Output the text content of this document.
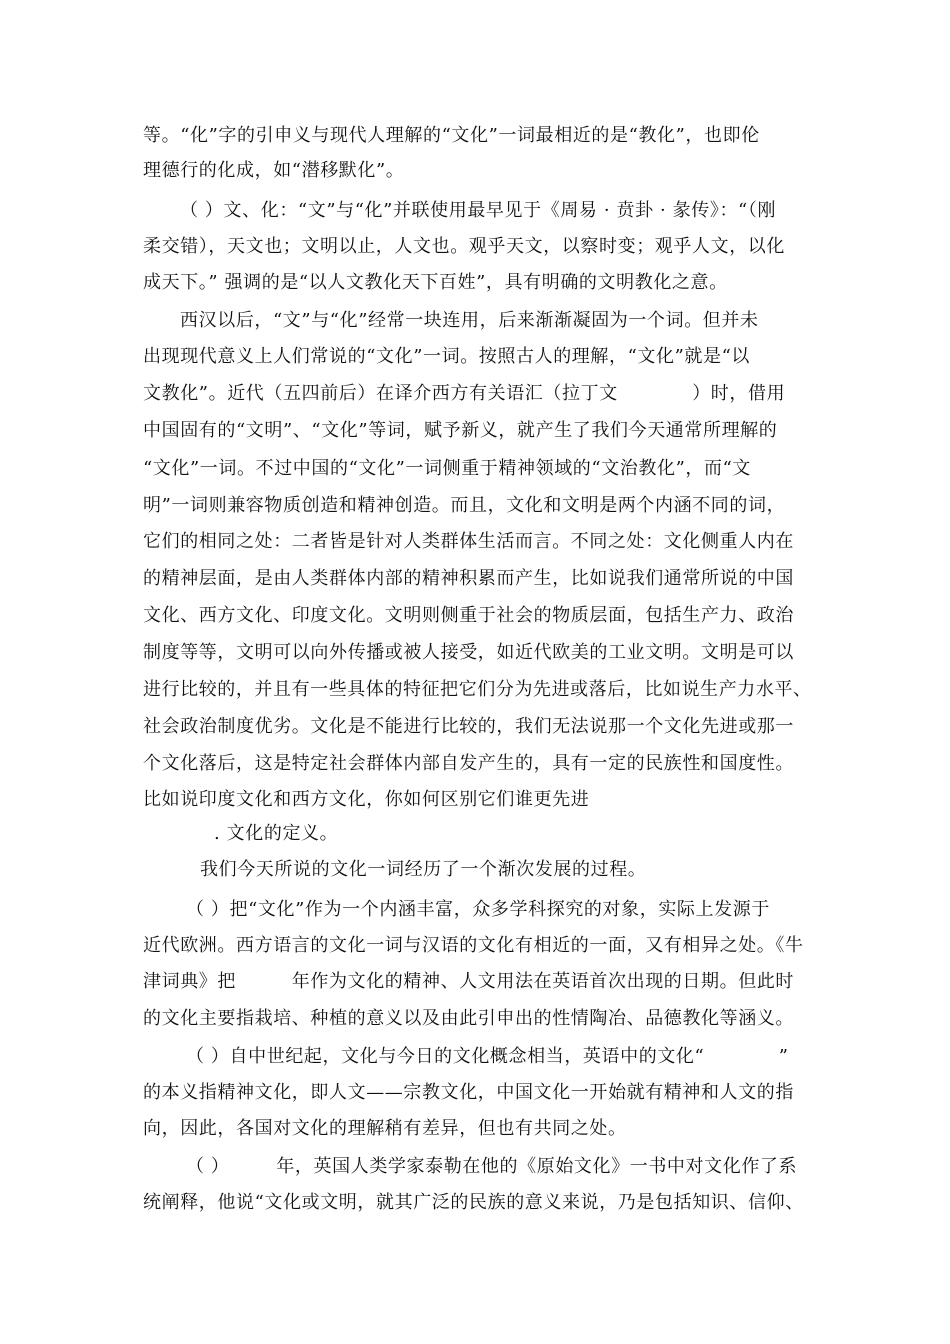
等。“化”字的引申义与现代人理解的“文化”一词最相近的是“教化”，也即伦
理德行的化成，如“潜移默化”。
（ ）文、化：“文”与“化”并联使用最早见于《周易 · 贲卦 · 彖传》：“（刚
柔交错），天文也；文明以止，人文也。观乎天文，以察时变；观乎人文，以化
成天下。” 强调的是“以人文教化天下百姓”，具有明确的文明教化之意。
西汉以后，“文”与“化”经常一块连用，后来渐渐凝固为一个词。但并未
出现现代意义上人们常说的“文化”一词。按照古人的理解，“文化”就是“以
文教化”。近代（五四前后）在译介西方有关语汇（拉丁文　　　　）时，借用
中国固有的“文明”、“文化”等词，赋予新义，就产生了我们今天通常所理解的
“文化”一词。不过中国的“文化”一词侧重于精神领域的“文治教化”，而“文
明”一词则兼容物质创造和精神创造。而且，文化和文明是两个内涵不同的词，
它们的相同之处：二者皆是针对人类群体生活而言。不同之处：文化侧重人内在
的精神层面，是由人类群体内部的精神积累而产生，比如说我们通常所说的中国
文化、西方文化、印度文化。文明则侧重于社会的物质层面，包括生产力、政治
制度等等，文明可以向外传播或被人接受，如近代欧美的工业文明。文明是可以
进行比较的，并且有一些具体的特征把它们分为先进或落后，比如说生产力水平、
社会政治制度优劣。文化是不能进行比较的，我们无法说那一个文化先进或那一
个文化落后，这是特定社会群体内部自发产生的，具有一定的民族性和国度性。
比如说印度文化和西方文化，你如何区别它们谁更先进
. 文化的定义。
我们今天所说的文化一词经历了一个渐次发展的过程。
（ ）把“文化”作为一个内涵丰富，众多学科探究的对象，实际上发源于
近代欧洲。西方语言的文化一词与汉语的文化有相近的一面，又有相异之处。《牛
津词典》把　　　年作为文化的精神、人文用法在英语首次出现的日期。但此时
的文化主要指栽培、种植的意义以及由此引申出的性情陶冶、品德教化等涵义。
（ ）自中世纪起，文化与今日的文化概念相当，英语中的文化“　　　　”
的本义指精神文化，即人文——宗教文化，中国文化一开始就有精神和人文的指
向，因此，各国对文化的理解稍有差异，但也有共同之处。
（ ）　　　年，英国人类学家泰勒在他的《原始文化》一书中对文化作了系
统阐释，他说“文化或文明，就其广泛的民族的意义来说，乃是包括知识、信仰、
